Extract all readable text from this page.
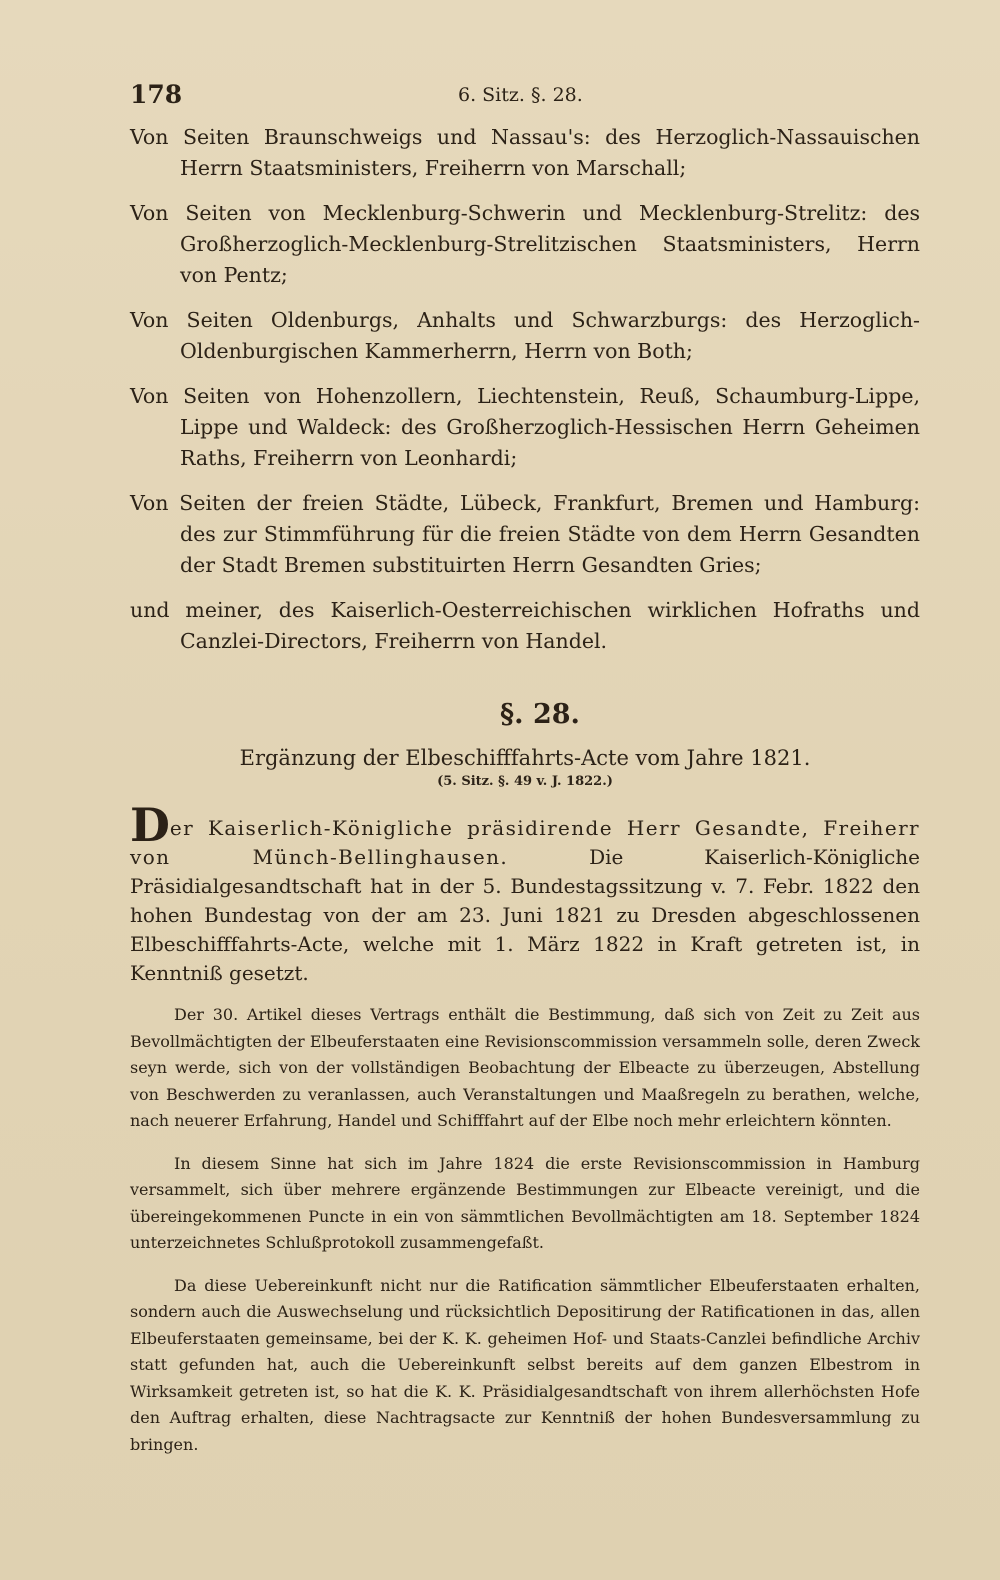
178	6. Sitz. §. 28.

Von Seiten Braunschweigs und Nassau's: des Herzoglich-Nassauischen Herrn Staatsministers, Freiherrn von Marschall;

Von Seiten von Mecklenburg-Schwerin und Mecklenburg-Strelitz: des Großherzoglich-Mecklenburg-Strelitzischen Staatsministers, Herrn von Pentz;

Von Seiten Oldenburgs, Anhalts und Schwarzburgs: des Herzoglich-Oldenburgischen Kammerherrn, Herrn von Both;

Von Seiten von Hohenzollern, Liechtenstein, Reuß, Schaumburg-Lippe, Lippe und Waldeck: des Großherzoglich-Hessischen Herrn Geheimen Raths, Freiherrn von Leonhardi;

Von Seiten der freien Städte, Lübeck, Frankfurt, Bremen und Hamburg: des zur Stimmführung für die freien Städte von dem Herrn Gesandten der Stadt Bremen substituirten Herrn Gesandten Gries;

und meiner, des Kaiserlich-Oesterreichischen wirklichen Hofraths und Canzlei-Directors, Freiherrn von Handel.

§. 28.
Ergänzung der Elbeschifffahrts-Acte vom Jahre 1821.
(5. Sitz. §. 49 v. J. 1822.)

Der Kaiserlich-Königliche präsidirende Herr Gesandte, Freiherr von Münch-Bellinghausen. Die Kaiserlich-Königliche Präsidialgesandtschaft hat in der 5. Bundestagssitzung v. 7. Febr. 1822 den hohen Bundestag von der am 23. Juni 1821 zu Dresden abgeschlossenen Elbeschifffahrts-Acte, welche mit 1. März 1822 in Kraft getreten ist, in Kenntniß gesetzt.

Der 30. Artikel dieses Vertrags enthält die Bestimmung, daß sich von Zeit zu Zeit aus Bevollmächtigten der Elbeuferstaaten eine Revisionscommission versammeln solle, deren Zweck seyn werde, sich von der vollständigen Beobachtung der Elbeacte zu überzeugen, Abstellung von Beschwerden zu veranlassen, auch Veranstaltungen und Maaßregeln zu berathen, welche, nach neuerer Erfahrung, Handel und Schifffahrt auf der Elbe noch mehr erleichtern könnten.

In diesem Sinne hat sich im Jahre 1824 die erste Revisionscommission in Hamburg versammelt, sich über mehrere ergänzende Bestimmungen zur Elbeacte vereinigt, und die übereingekommenen Puncte in ein von sämmtlichen Bevollmächtigten am 18. September 1824 unterzeichnetes Schlußprotokoll zusammengefaßt.

Da diese Uebereinkunft nicht nur die Ratification sämmtlicher Elbeuferstaaten erhalten, sondern auch die Auswechselung und rücksichtlich Depositirung der Ratificationen in das, allen Elbeuferstaaten gemeinsame, bei der K. K. geheimen Hof- und Staats-Canzlei befindliche Archiv statt gefunden hat, auch die Uebereinkunft selbst bereits auf dem ganzen Elbestrom in Wirksamkeit getreten ist, so hat die K. K. Präsidialgesandtschaft von ihrem allerhöchsten Hofe den Auftrag erhalten, diese Nachtragsacte zur Kenntniß der hohen Bundesversammlung zu bringen.
